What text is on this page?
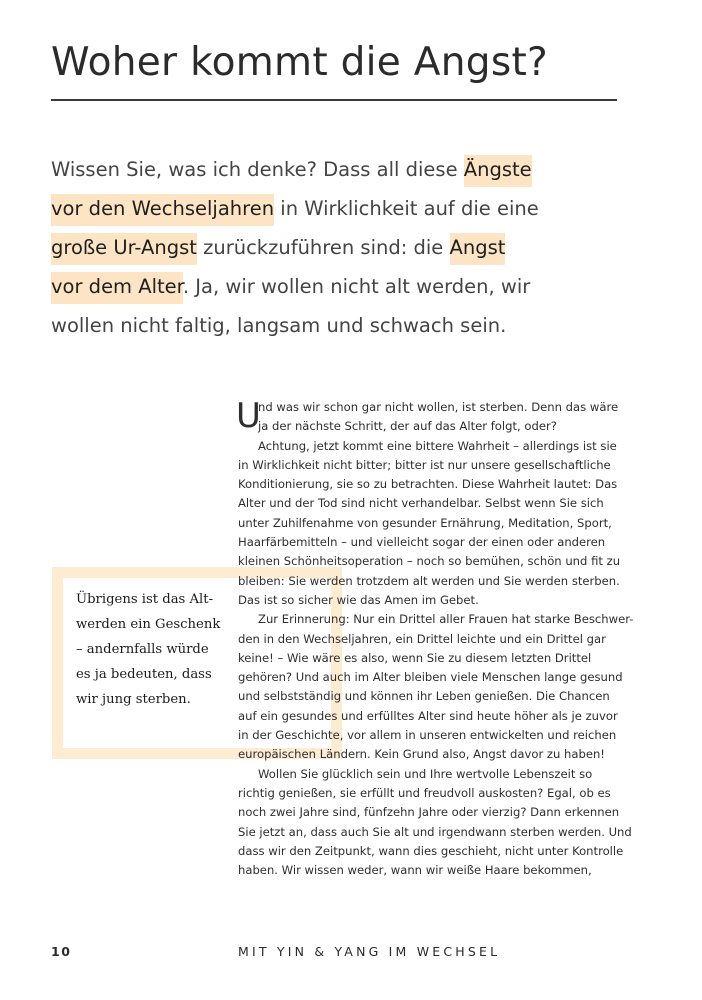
Woher kommt die Angst?
Wissen Sie, was ich denke? Dass all diese Ängste
vor den Wechseljahren in Wirklichkeit auf die eine
große Ur-Angst zurückzuführen sind: die Angst
vor dem Alter. Ja, wir wollen nicht alt werden, wir
wollen nicht faltig, langsam und schwach sein.

Übrigens ist das Altwerden ein Geschenk – andernfalls würde es ja bedeuten, dass wir jung sterben.

U

nd was wir schon gar nicht wollen, ist sterben. Denn das wäre

ja der nächste Schritt, der auf das Alter folgt, oder?

Achtung, jetzt kommt eine bittere Wahrheit – allerdings ist sie

in Wirklichkeit nicht bitter; bitter ist nur unsere gesellschaftliche

Konditionierung, sie so zu betrachten. Diese Wahrheit lautet: Das

Alter und der Tod sind nicht verhandelbar. Selbst wenn Sie sich

unter Zuhilfenahme von gesunder Ernährung, Meditation, Sport,

Haarfärbemitteln – und vielleicht sogar der einen oder anderen

kleinen Schönheitsoperation – noch so bemühen, schön und fit zu

bleiben: Sie werden trotzdem alt werden und Sie werden sterben.

Das ist so sicher wie das Amen im Gebet.

Zur Erinnerung: Nur ein Drittel aller Frauen hat starke Beschwer-

den in den Wechseljahren, ein Drittel leichte und ein Drittel gar

keine! – Wie wäre es also, wenn Sie zu diesem letzten Drittel

gehören? Und auch im Alter bleiben viele Menschen lange gesund

und selbstständig und können ihr Leben genießen. Die Chancen

auf ein gesundes und erfülltes Alter sind heute höher als je zuvor

in der Geschichte, vor allem in unseren entwickelten und reichen

europäischen Ländern. Kein Grund also, Angst davor zu haben!

Wollen Sie glücklich sein und Ihre wertvolle Lebenszeit so

richtig genießen, sie erfüllt und freudvoll auskosten? Egal, ob es

noch zwei Jahre sind, fünfzehn Jahre oder vierzig? Dann erkennen

Sie jetzt an, dass auch Sie alt und irgendwann sterben werden. Und

dass wir den Zeitpunkt, wann dies geschieht, nicht unter Kontrolle

haben. Wir wissen weder, wann wir weiße Haare bekommen,

10	MIT YIN & YANG IM WECHSEL
